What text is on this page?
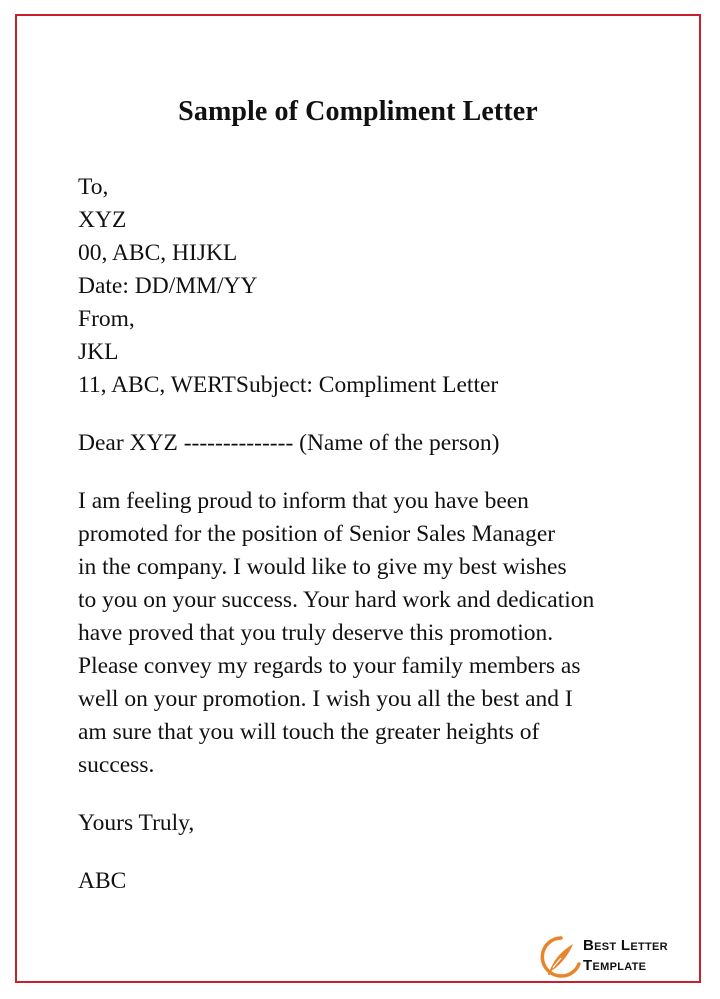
Sample of Compliment Letter
To,
XYZ
00, ABC, HIJKL
Date: DD/MM/YY
From,
JKL
11, ABC, WERTSubject: Compliment Letter
Dear XYZ -------------- (Name of the person)
I am feeling proud to inform that you have been
promoted for the position of Senior Sales Manager
in the company. I would like to give my best wishes
to you on your success. Your hard work and dedication
have proved that you truly deserve this promotion.
Please convey my regards to your family members as
well on your promotion. I wish you all the best and I
am sure that you will touch the greater heights of
success.
Yours Truly,
ABC
Best Letter
Template
